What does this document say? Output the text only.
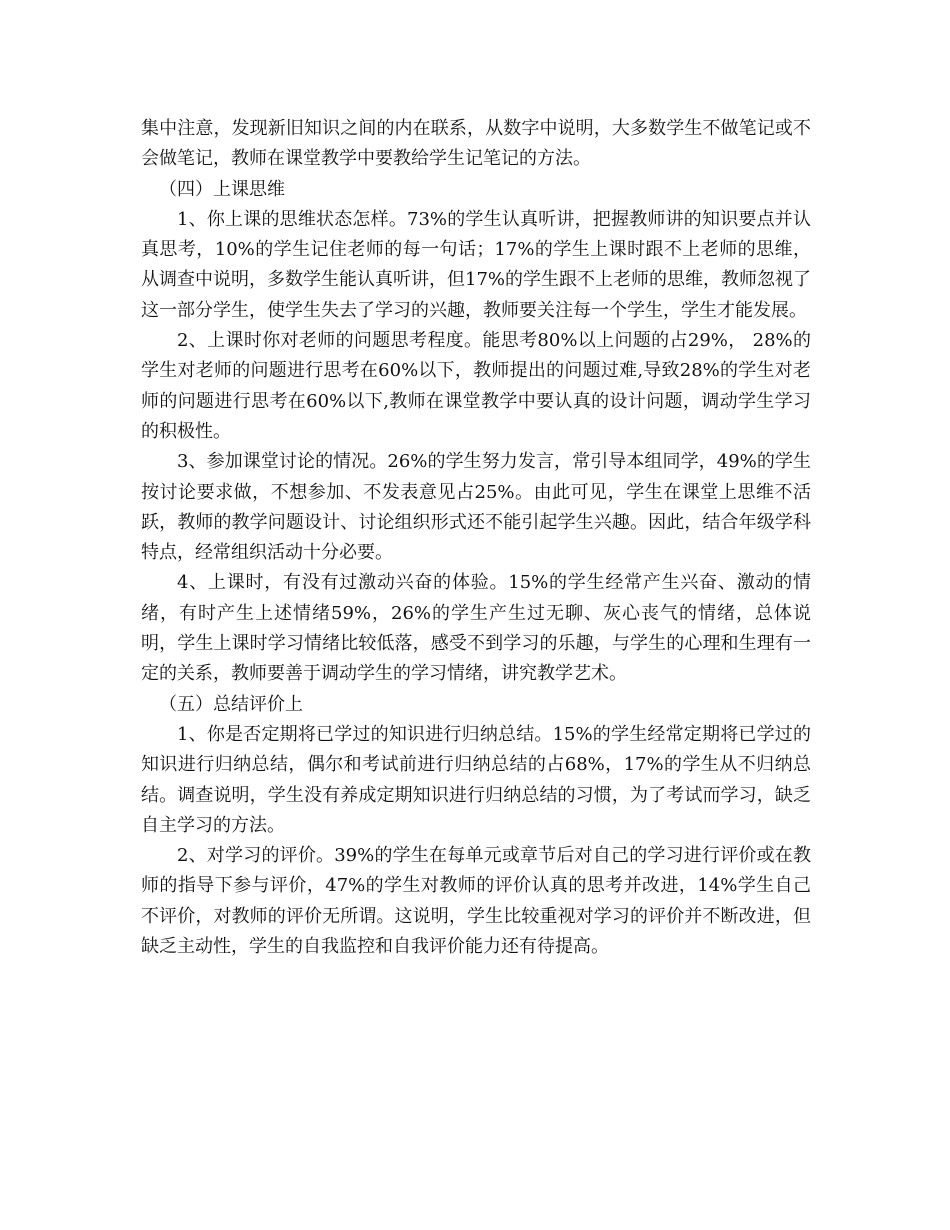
集中注意，发现新旧知识之间的内在联系，从数字中说明，大多数学生不做笔记或不会做笔记，教师在课堂教学中要教给学生记笔记的方法。

（四）上课思维

1、你上课的思维状态怎样。73%的学生认真听讲，把握教师讲的知识要点并认真思考，10%的学生记住老师的每一句话；17%的学生上课时跟不上老师的思维，从调查中说明，多数学生能认真听讲，但17%的学生跟不上老师的思维，教师忽视了这一部分学生，使学生失去了学习的兴趣，教师要关注每一个学生，学生才能发展。

2、上课时你对老师的问题思考程度。能思考80%以上问题的占29%， 28%的学生对老师的问题进行思考在60%以下，教师提出的问题过难,导致28%的学生对老师的问题进行思考在60%以下,教师在课堂教学中要认真的设计问题，调动学生学习的积极性。

3、参加课堂讨论的情况。26%的学生努力发言，常引导本组同学，49%的学生按讨论要求做，不想参加、不发表意见占25%。由此可见，学生在课堂上思维不活跃，教师的教学问题设计、讨论组织形式还不能引起学生兴趣。因此，结合年级学科特点，经常组织活动十分必要。

4、上课时，有没有过激动兴奋的体验。15%的学生经常产生兴奋、激动的情绪，有时产生上述情绪59%，26%的学生产生过无聊、灰心丧气的情绪，总体说明，学生上课时学习情绪比较低落，感受不到学习的乐趣，与学生的心理和生理有一定的关系，教师要善于调动学生的学习情绪，讲究教学艺术。

（五）总结评价上

1、你是否定期将已学过的知识进行归纳总结。15%的学生经常定期将已学过的知识进行归纳总结，偶尔和考试前进行归纳总结的占68%，17%的学生从不归纳总结。调查说明，学生没有养成定期知识进行归纳总结的习惯，为了考试而学习，缺乏自主学习的方法。

2、对学习的评价。39%的学生在每单元或章节后对自己的学习进行评价或在教师的指导下参与评价，47%的学生对教师的评价认真的思考并改进，14%学生自己不评价，对教师的评价无所谓。这说明，学生比较重视对学习的评价并不断改进，但缺乏主动性，学生的自我监控和自我评价能力还有待提高。
